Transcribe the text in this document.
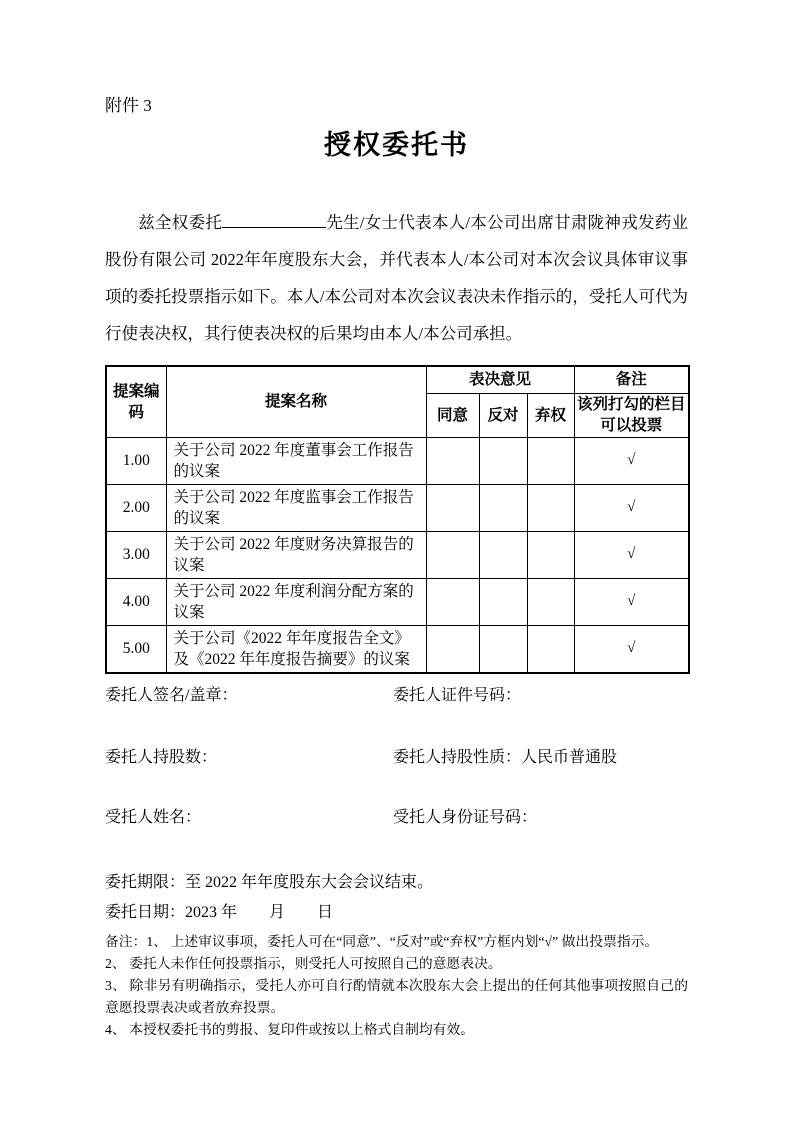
附件 3
授权委托书
兹全权委托	先生/女士代表本人/本公司出席甘肃陇神戎发药业股份有限公司 2022年年度股东大会，并代表本人/本公司对本次会议具体审议事项的委托投票指示如下。本人/本公司对本次会议表决未作指示的，受托人可代为行使表决权，其行使表决权的后果均由本人/本公司承担。
提案编码	提案名称	表决意见			备注
		同意	反对	弃权	该列打勾的栏目可以投票
1.00	关于公司 2022 年度董事会工作报告的议案				√
2.00	关于公司 2022 年度监事会工作报告的议案				√
3.00	关于公司 2022 年度财务决算报告的议案				√
4.00	关于公司 2022 年度利润分配方案的议案				√
5.00	关于公司《2022 年年度报告全文》及《2022 年年度报告摘要》的议案				√
委托人签名/盖章：	委托人证件号码：
委托人持股数：	委托人持股性质：人民币普通股
受托人姓名：	受托人身份证号码：
委托期限：至 2022 年年度股东大会会议结束。
委托日期：2023 年　　月　　日

备注：1、 上述审议事项，委托人可在“同意”、“反对”或“弃权”方框内划“√” 做出投票指示。

2、 委托人未作任何投票指示，则受托人可按照自己的意愿表决。

3、 除非另有明确指示，受托人亦可自行酌情就本次股东大会上提出的任何其他事项按照自己的意愿投票表决或者放弃投票。

4、 本授权委托书的剪报、复印件或按以上格式自制均有效。
